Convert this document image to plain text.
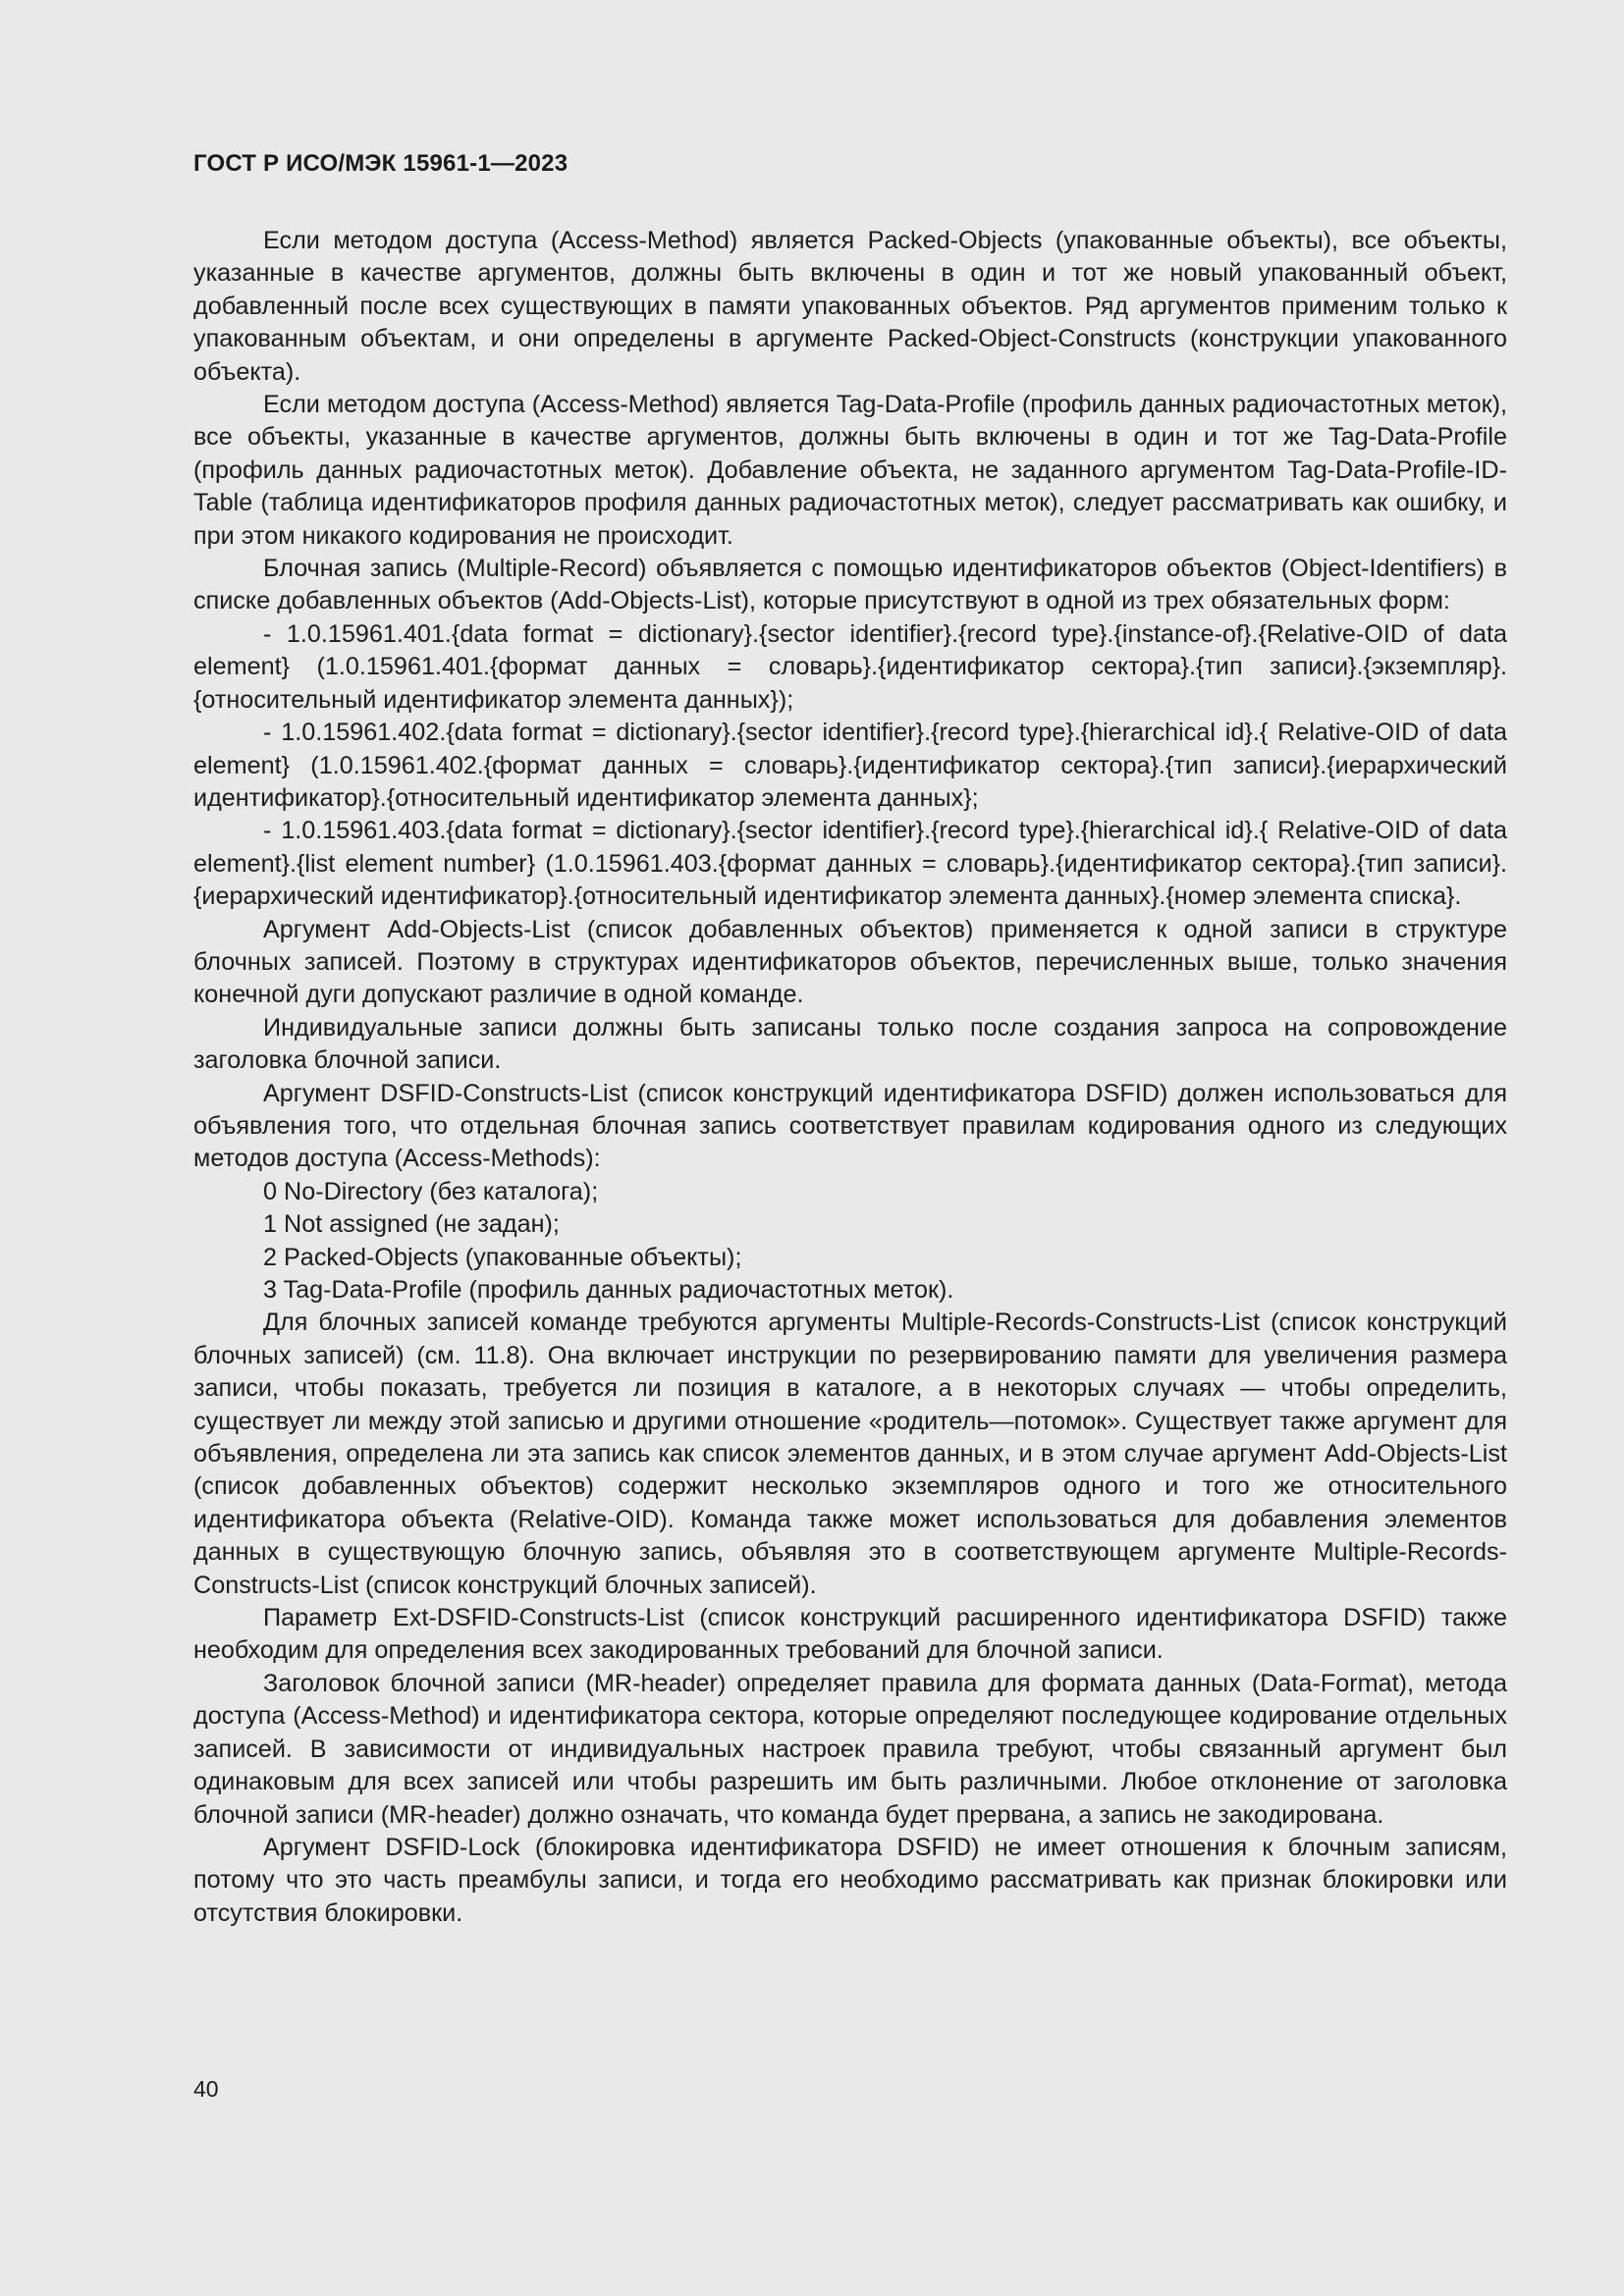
ГОСТ Р ИСО/МЭК 15961-1—2023

Если методом доступа (Access-Method) является Packed-Objects (упакованные объекты), все объекты, указанные в качестве аргументов, должны быть включены в один и тот же новый упакованный объект, добавленный после всех существующих в памяти упакованных объектов. Ряд аргументов применим только к упакованным объектам, и они определены в аргументе Packed-Object-Constructs (конструкции упакованного объекта).

Если методом доступа (Access-Method) является Tag-Data-Profile (профиль данных радиочастотных меток), все объекты, указанные в качестве аргументов, должны быть включены в один и тот же Tag-Data-Profile (профиль данных радиочастотных меток). Добавление объекта, не заданного аргументом Tag-Data-Profile-ID-Table (таблица идентификаторов профиля данных радиочастотных меток), следует рассматривать как ошибку, и при этом никакого кодирования не происходит.

Блочная запись (Multiple-Record) объявляется с помощью идентификаторов объектов (Object-Identifiers) в списке добавленных объектов (Add-Objects-List), которые присутствуют в одной из трех обязательных форм:

- 1.0.15961.401.{data format = dictionary}.{sector identifier}.{record type}.{instance-of}.{Relative-OID of data element} (1.0.15961.401.{формат данных = словарь}.{идентификатор сектора}.{тип записи}.{экземпляр}.{относительный идентификатор элемента данных});

- 1.0.15961.402.{data format = dictionary}.{sector identifier}.{record type}.{hierarchical id}.{ Relative-OID of data element} (1.0.15961.402.{формат данных = словарь}.{идентификатор сектора}.{тип записи}.{иерархический идентификатор}.{относительный идентификатор элемента данных};

- 1.0.15961.403.{data format = dictionary}.{sector identifier}.{record type}.{hierarchical id}.{ Relative-OID of data element}.{list element number} (1.0.15961.403.{формат данных = словарь}.{идентификатор сектора}.{тип записи}.{иерархический идентификатор}.{относительный идентификатор элемента данных}.{номер элемента списка}.

Аргумент Add-Objects-List (список добавленных объектов) применяется к одной записи в структуре блочных записей. Поэтому в структурах идентификаторов объектов, перечисленных выше, только значения конечной дуги допускают различие в одной команде.

Индивидуальные записи должны быть записаны только после создания запроса на сопровождение заголовка блочной записи.

Аргумент DSFID-Constructs-List (список конструкций идентификатора DSFID) должен использоваться для объявления того, что отдельная блочная запись соответствует правилам кодирования одного из следующих методов доступа (Access-Methods):

0 No-Directory (без каталога);

1 Not assigned (не задан);

2 Packed-Objects (упакованные объекты);

3 Tag-Data-Profile (профиль данных радиочастотных меток).

Для блочных записей команде требуются аргументы Multiple-Records-Constructs-List (список конструкций блочных записей) (см. 11.8). Она включает инструкции по резервированию памяти для увеличения размера записи, чтобы показать, требуется ли позиция в каталоге, а в некоторых случаях — чтобы определить, существует ли между этой записью и другими отношение «родитель—потомок». Существует также аргумент для объявления, определена ли эта запись как список элементов данных, и в этом случае аргумент Add-Objects-List (список добавленных объектов) содержит несколько экземпляров одного и того же относительного идентификатора объекта (Relative-OID). Команда также может использоваться для добавления элементов данных в существующую блочную запись, объявляя это в соответствующем аргументе Multiple-Records-Constructs-List (список конструкций блочных записей).

Параметр Ext-DSFID-Constructs-List (список конструкций расширенного идентификатора DSFID) также необходим для определения всех закодированных требований для блочной записи.

Заголовок блочной записи (MR-header) определяет правила для формата данных (Data-Format), метода доступа (Access-Method) и идентификатора сектора, которые определяют последующее кодирование отдельных записей. В зависимости от индивидуальных настроек правила требуют, чтобы связанный аргумент был одинаковым для всех записей или чтобы разрешить им быть различными. Любое отклонение от заголовка блочной записи (MR-header) должно означать, что команда будет прервана, а запись не закодирована.

Аргумент DSFID-Lock (блокировка идентификатора DSFID) не имеет отношения к блочным записям, потому что это часть преамбулы записи, и тогда его необходимо рассматривать как признак блокировки или отсутствия блокировки.

40
